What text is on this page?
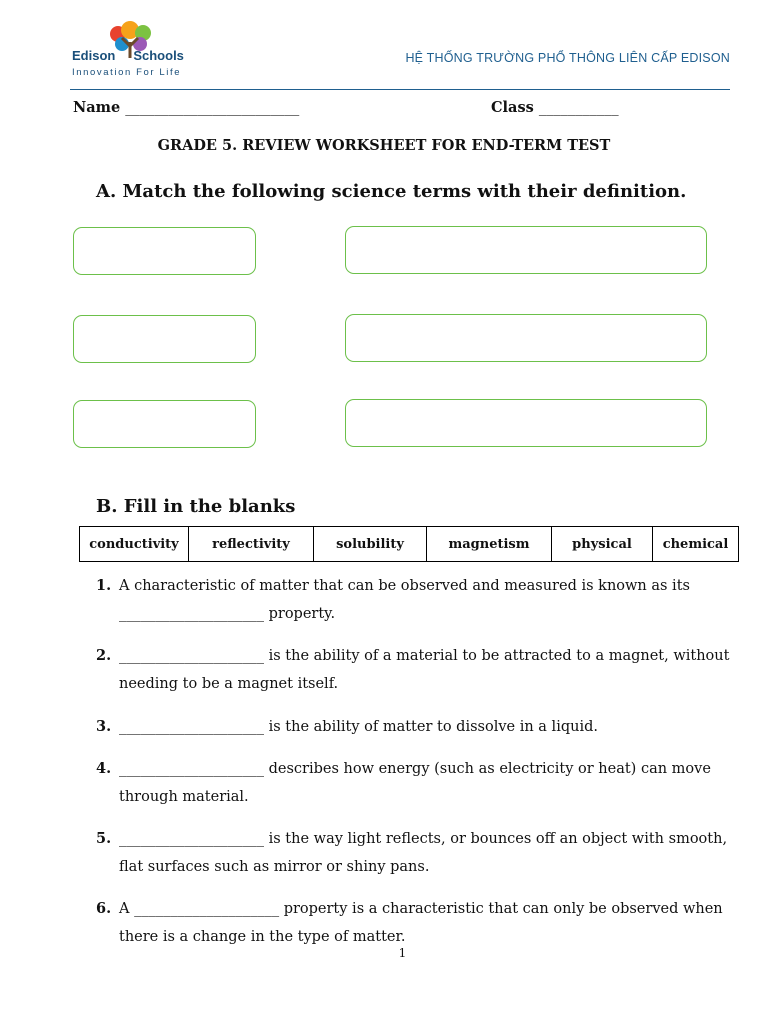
Edison Schools
Innovation For Life
HỆ THỐNG TRƯỜNG PHỔ THÔNG LIÊN CẤP EDISON
Name ________________________	Class ___________
GRADE 5. REVIEW WORKSHEET FOR END-TERM TEST
A. Match the following science terms with their definition.
B. Fill in the blanks
conductivity	reflectivity	solubility	magnetism	physical	chemical
1. A characteristic of matter that can be observed and measured is known as its ____________________ property.
2. ____________________ is the ability of a material to be attracted to a magnet, without needing to be a magnet itself.
3. ____________________ is the ability of matter to dissolve in a liquid.
4. ____________________ describes how energy (such as electricity or heat) can move through material.
5. ____________________ is the way light reflects, or bounces off an object with smooth, flat surfaces such as mirror or shiny pans.
6. A ____________________ property is a characteristic that can only be observed when there is a change in the type of matter.
1
